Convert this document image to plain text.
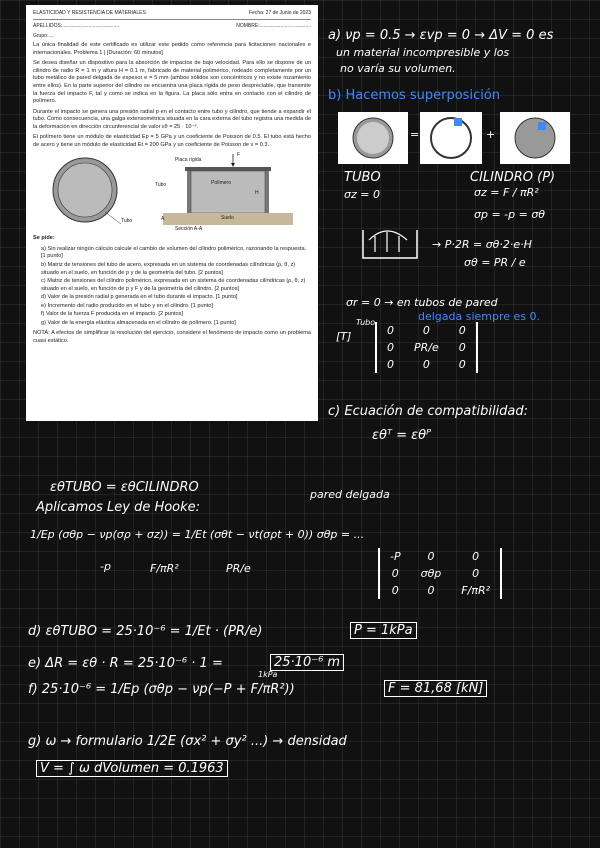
ELASTICIDAD Y RESISTENCIA DE MATERIALES	Fecha: 27 de Junio de 2023
APELLIDOS:.........................................	NOMBRE:.....................................
Grupo:....

La única finalidad de este certificado es utilizar este pedido como referencia para licitaciones nacionales e internacionales. Problema 1 | [Duración: 60 minutos]

Se desea diseñar un dispositivo para la absorción de impactos de bajo velocidad. Para ello se dispone de un cilindro de radio R = 1 m y altura H = 0.1 m, fabricado de material polimérico, rodeado completamente por un tubo metálico de pared delgada de espesor e = 5 mm (ambos sólidos son concéntricos y no existe rozamiento entre ellos). En la parte superior del cilindro se encuentra una placa rígida de peso despreciable, que transmite la fuerza del impacto F, tal y como se indica en la figura. La placa sólo entra en contacto con el cilindro de polímero.

Durante el impacto se genera una presión radial p en el contacto entre tubo y cilindro, que tiende a expandir el tubo. Como consecuencia, una galga extensométrica situada en la cara externa del tubo registra una medida de la deformación en dirección circunferencial de valor εθ = 25 · 10⁻⁶.

El polímero tiene un módulo de elasticidad Ep = 5 GPa y un coeficiente de Poisson de 0.5. El tubo está hecho de acero y tiene un módulo de elasticidad Et = 200 GPa y un coeficiente de Poisson de ν = 0.3.

Tubo
F
Placa rígida
Tubo	Polímero
H
Suelo
Sección A-A
A

Se pide:

a) Sin realizar ningún cálculo calcule el cambio de volumen del cilindro polimérico, razonando la respuesta. [1 punto]
b) Matriz de tensiones del tubo de acero, expresada en un sistema de coordenadas cilíndricas (ρ, θ, z) situado en el suelo, en función de p y de la geometría del tubo. [2 puntos]
c) Matriz de tensiones del cilindro polimérico, expresada en un sistema de coordenadas cilíndricas (ρ, θ, z) situado en el suelo, en función de p y F y de la geometría del cilindro. [2 puntos]
d) Valor de la presión radial p generada en el tubo durante el impacto. [1 punto]
e) Incremento del radio producido en el tubo y en el cilindro. [1 punto]
f) Valor de la fuerza F producida en el impacto. [2 puntos]
g) Valor de la energía elástica almacenada en el cilindro de polímero. [1 punto]

NOTA: A efectos de simplificar la resolución del ejercicio, considere el fenómeno de impacto como un problema cuasi estático.

a) νp = 0.5 → εvp = 0 → ΔV = 0 es
un material incompresible y los
no varía su volumen.
b) Hacemos superposición
=	+
TUBO	CILINDRO (P)
σz = 0	σz = F / πR²
σp = -p = σθ
→ P·2R = σθ·2·e·H
σθ = PR / e
σr = 0 → en tubos de pared
delgada siempre es 0.
[T]
Tubo
0	0	0
0	PR/e	0
0	0	0
c) Ecuación de compatibilidad:
εθᵀ = εθᴾ
εθTUBO = εθCILINDRO	pared delgada
Aplicamos Ley de Hooke:
1/Ep (σθp − νp(σρ + σz)) = 1/Et (σθt − νt(σρt + 0)) σθp = ...
-p	F/πR²	PR/e
-P	0	0
0	σθp	0
0	0	F/πR²
d) εθTUBO = 25·10⁻⁶ = 1/Et · (PR/e)	P = 1kPa
e) ΔR = εθ · R = 25·10⁻⁶ · 1 =	25·10⁻⁶ m
1kPa
f) 25·10⁻⁶ = 1/Ep (σθp − νp(−P + F/πR²))	F = 81,68 [kN]
g) ω → formulario 1/2E (σx² + σy² ...) → densidad
V = ∫ ω dVolumen = 0.1963
